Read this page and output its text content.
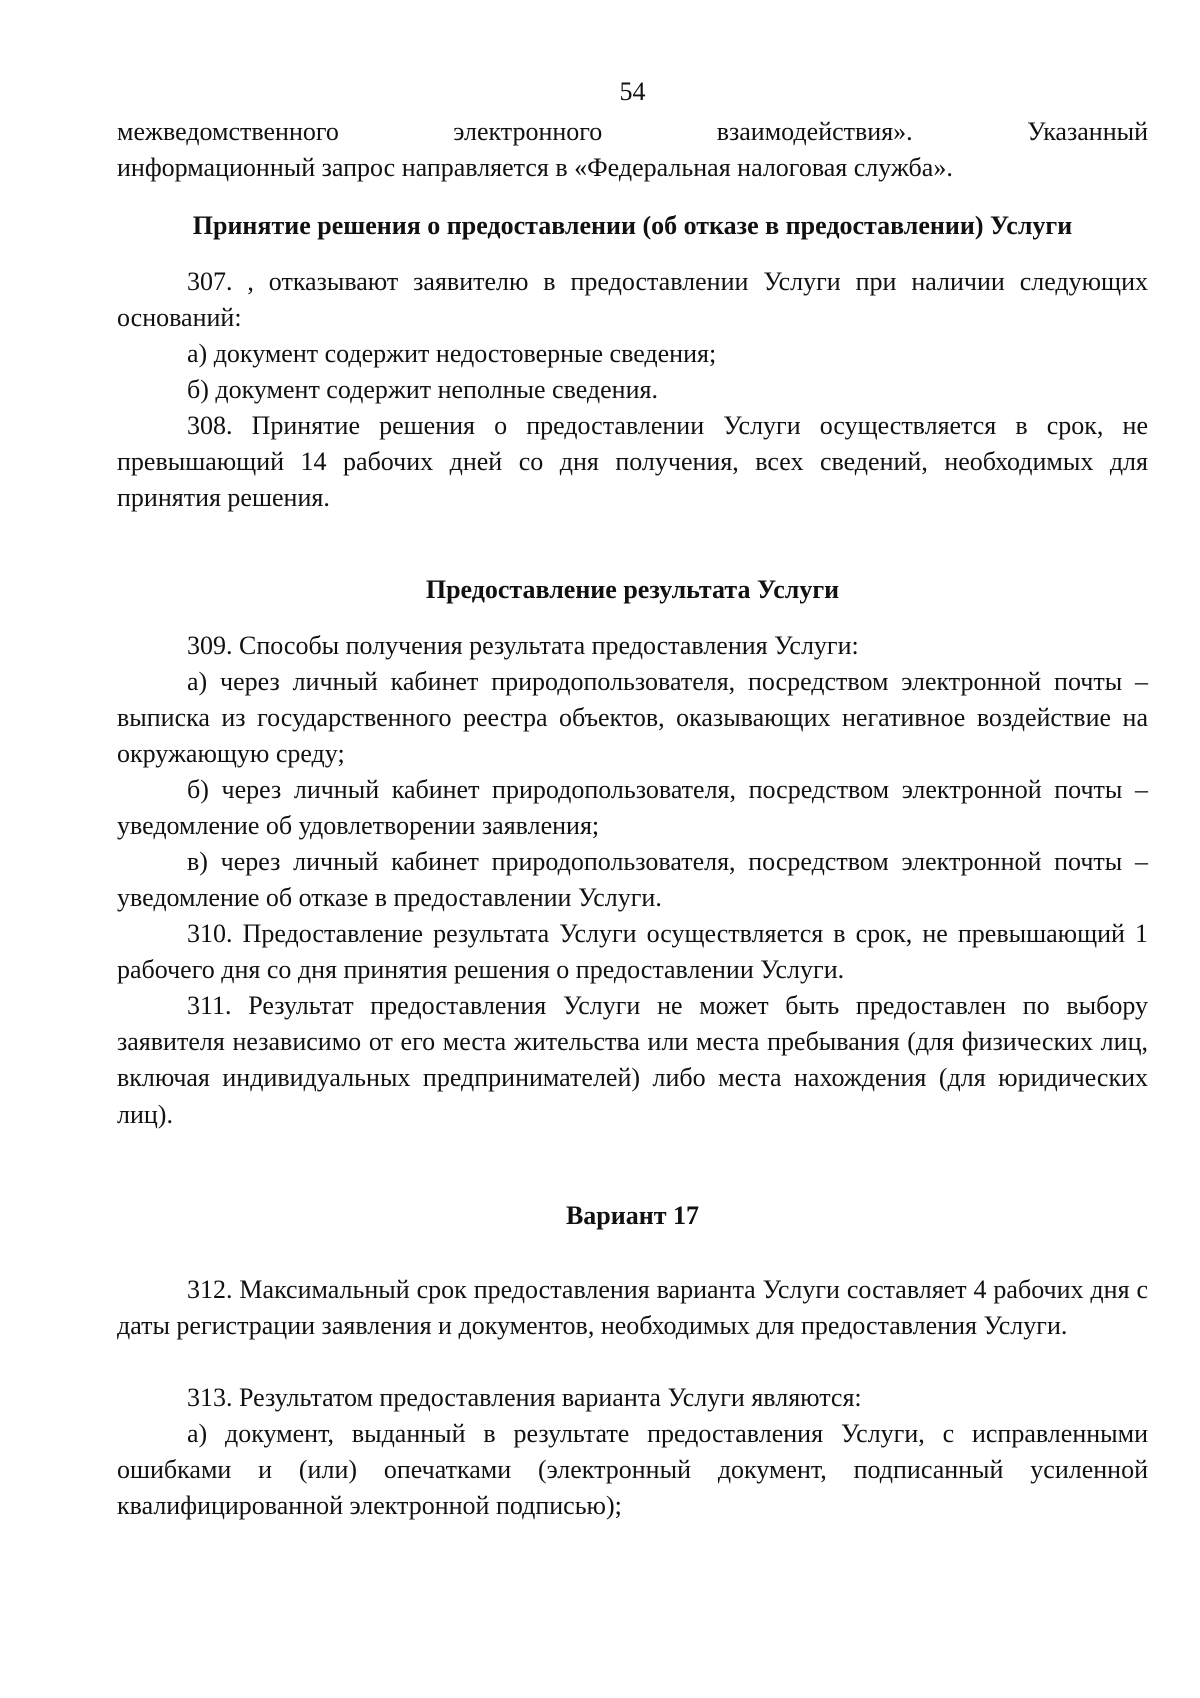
54

межведомственного электронного взаимодействия». Указанный

информационный запрос направляется в «Федеральная налоговая служба».

Принятие решения о предоставлении (об отказе в предоставлении) Услуги

307. , отказывают заявителю в предоставлении Услуги при наличии следующих оснований:

а) документ содержит недостоверные сведения;

б) документ содержит неполные сведения.

308. Принятие решения о предоставлении Услуги осуществляется в срок, не превышающий 14 рабочих дней со дня получения, всех сведений, необходимых для принятия решения.

Предоставление результата Услуги

309. Способы получения результата предоставления Услуги:

а) через личный кабинет природопользователя, посредством электронной почты – выписка из государственного реестра объектов, оказывающих негативное воздействие на окружающую среду;

б) через личный кабинет природопользователя, посредством электронной почты – уведомление об удовлетворении заявления;

в) через личный кабинет природопользователя, посредством электронной почты – уведомление об отказе в предоставлении Услуги.

310. Предоставление результата Услуги осуществляется в срок, не превышающий 1 рабочего дня со дня принятия решения о предоставлении Услуги.

311. Результат предоставления Услуги не может быть предоставлен по выбору заявителя независимо от его места жительства или места пребывания (для физических лиц, включая индивидуальных предпринимателей) либо места нахождения (для юридических лиц).

Вариант 17

312. Максимальный срок предоставления варианта Услуги составляет 4 рабочих дня с даты регистрации заявления и документов, необходимых для предоставления Услуги.

313. Результатом предоставления варианта Услуги являются:

а) документ, выданный в результате предоставления Услуги, с исправленными ошибками и (или) опечатками (электронный документ, подписанный усиленной квалифицированной электронной подписью);
